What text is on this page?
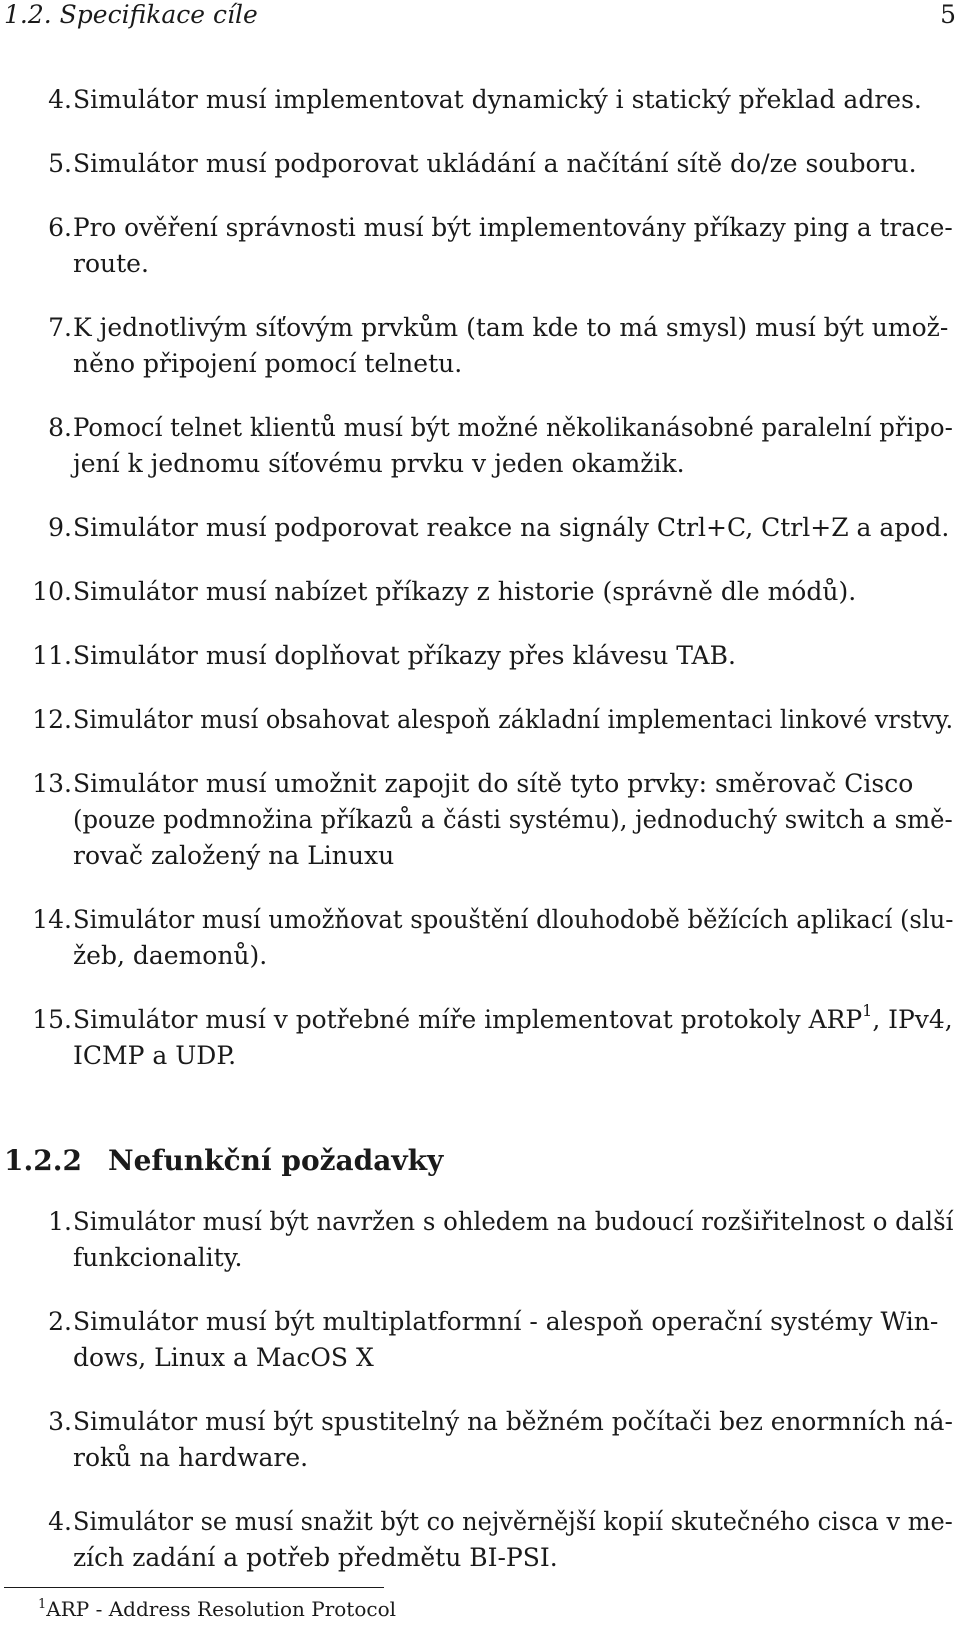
1.2. Specifikace cíle	5
4. Simulátor musí implementovat dynamický i statický překlad adres.
5. Simulátor musí podporovat ukládání a načítání sítě do/ze souboru.
6. Pro ověření správnosti musí být implementovány příkazy ping a trace-
route.
7. K jednotlivým síťovým prvkům (tam kde to má smysl) musí být umož-
něno připojení pomocí telnetu.
8. Pomocí telnet klientů musí být možné několikanásobné paralelní připo-
jení k jednomu síťovému prvku v jeden okamžik.
9. Simulátor musí podporovat reakce na signály Ctrl+C, Ctrl+Z a apod.
10. Simulátor musí nabízet příkazy z historie (správně dle módů).
11. Simulátor musí doplňovat příkazy přes klávesu TAB.
12. Simulátor musí obsahovat alespoň základní implementaci linkové vrstvy.
13. Simulátor musí umožnit zapojit do sítě tyto prvky: směrovač Cisco
(pouze podmnožina příkazů a části systému), jednoduchý switch a smě-
rovač založený na Linuxu
14. Simulátor musí umožňovat spouštění dlouhodobě běžících aplikací (slu-
žeb, daemonů).
15. Simulátor musí v potřebné míře implementovat protokoly ARP$^1$, IPv4,
ICMP a UDP.
1.2.2 Nefunkční požadavky
1. Simulátor musí být navržen s ohledem na budoucí rozšiřitelnost o další
funkcionality.
2. Simulátor musí být multiplatformní - alespoň operační systémy Win-
dows, Linux a MacOS X
3. Simulátor musí být spustitelný na běžném počítači bez enormních ná-
roků na hardware.
4. Simulátor se musí snažit být co nejvěrnější kopií skutečného cisca v me-
zích zadání a potřeb předmětu BI-PSI.
$^1$ARP - Address Resolution Protocol
